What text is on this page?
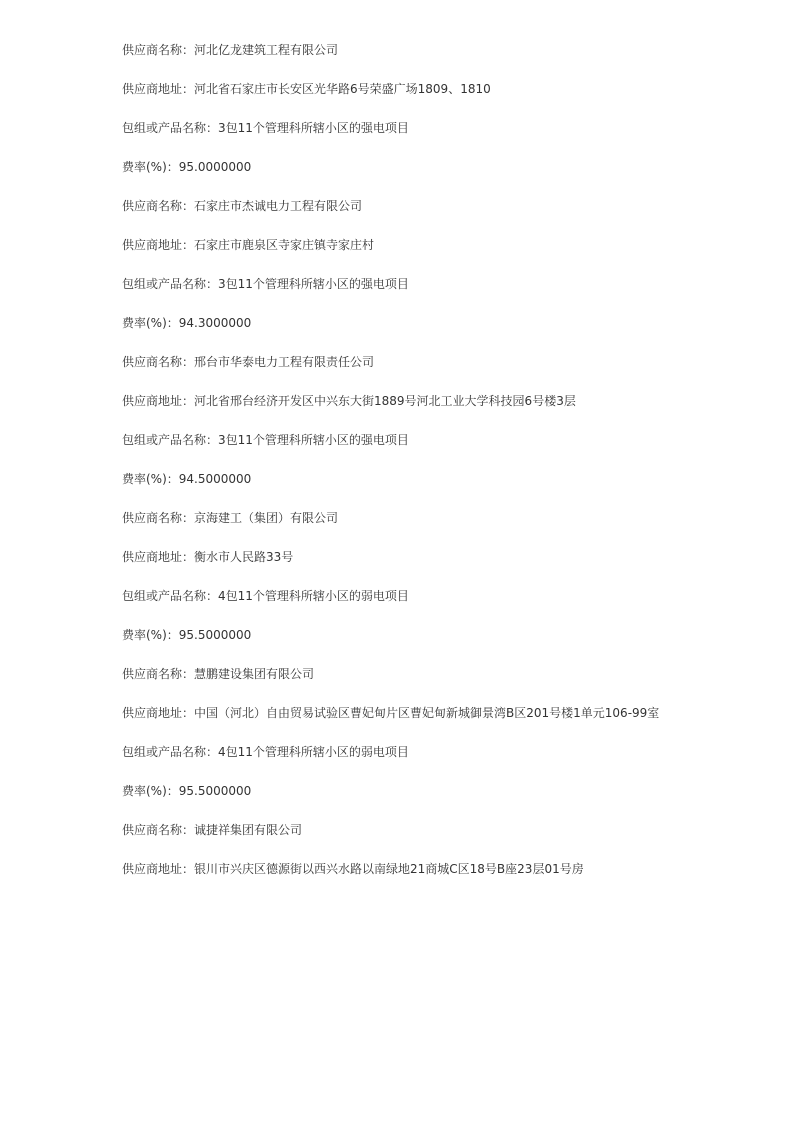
供应商名称：河北亿龙建筑工程有限公司
供应商地址：河北省石家庄市长安区光华路6号荣盛广场1809、1810
包组或产品名称：3包11个管理科所辖小区的强电项目
费率(%)：95.0000000
供应商名称：石家庄市杰诚电力工程有限公司
供应商地址：石家庄市鹿泉区寺家庄镇寺家庄村
包组或产品名称：3包11个管理科所辖小区的强电项目
费率(%)：94.3000000
供应商名称：邢台市华泰电力工程有限责任公司
供应商地址：河北省邢台经济开发区中兴东大街1889号河北工业大学科技园6号楼3层
包组或产品名称：3包11个管理科所辖小区的强电项目
费率(%)：94.5000000
供应商名称：京海建工（集团）有限公司
供应商地址：衡水市人民路33号
包组或产品名称：4包11个管理科所辖小区的弱电项目
费率(%)：95.5000000
供应商名称：慧鹏建设集团有限公司
供应商地址：中国（河北）自由贸易试验区曹妃甸片区曹妃甸新城御景湾B区201号楼1单元106-99室
包组或产品名称：4包11个管理科所辖小区的弱电项目
费率(%)：95.5000000
供应商名称：诚捷祥集团有限公司
供应商地址：银川市兴庆区德源街以西兴水路以南绿地21商城C区18号B座23层01号房
